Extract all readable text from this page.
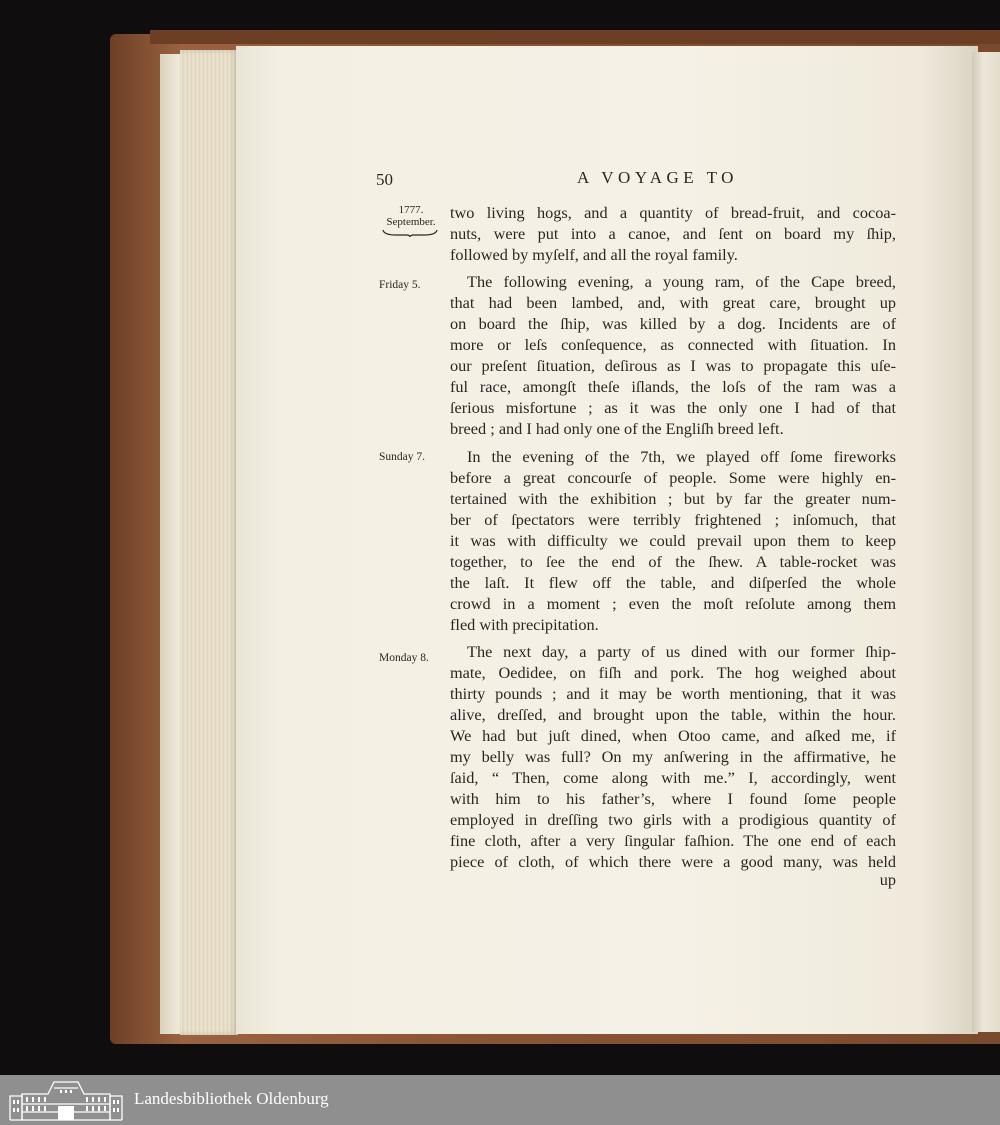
50	A VOYAGE TO
1777.
September.
Friday 5.
Sunday 7.
Monday 8.
two living hogs, and a quantity of bread-fruit, and cocoa-
nuts, were put into a canoe, and ſent on board my ſhip,
followed by myſelf, and all the royal family.
The following evening, a young ram, of the Cape breed,
that had been lambed, and, with great care, brought up
on board the ſhip, was killed by a dog. Incidents are of
more or leſs conſequence, as connected with ſituation. In
our preſent ſituation, deſirous as I was to propagate this uſe-
ful race, amongſt theſe iſlands, the loſs of the ram was a
ſerious misfortune ; as it was the only one I had of that
breed ; and I had only one of the Engliſh breed left.
In the evening of the 7th, we played off ſome fireworks
before a great concourſe of people. Some were highly en-
tertained with the exhibition ; but by far the greater num-
ber of ſpectators were terribly frightened ; inſomuch, that
it was with difficulty we could prevail upon them to keep
together, to ſee the end of the ſhew. A table-rocket was
the laſt. It flew off the table, and diſperſed the whole
crowd in a moment ; even the moſt reſolute among them
fled with precipitation.
The next day, a party of us dined with our former ſhip-
mate, Oedidee, on fiſh and pork. The hog weighed about
thirty pounds ; and it may be worth mentioning, that it was
alive, dreſſed, and brought upon the table, within the hour.
We had but juſt dined, when Otoo came, and aſked me, if
my belly was full? On my anſwering in the affirmative, he
ſaid, “ Then, come along with me.” I, accordingly, went
with him to his father’s, where I found ſome people
employed in dreſſing two girls with a prodigious quantity of
fine cloth, after a very ſingular faſhion. The one end of each
piece of cloth, of which there were a good many, was held
up
Landesbibliothek Oldenburg
